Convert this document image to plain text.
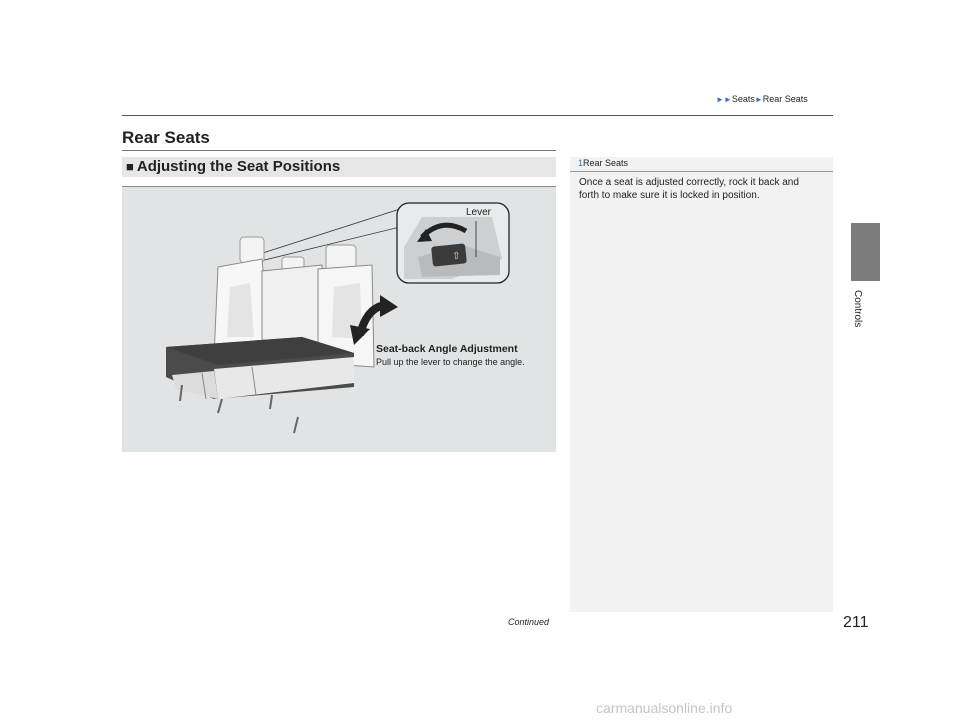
►►Seats►Rear Seats
Rear Seats
■ Adjusting the Seat Positions	1Rear Seats
Once a seat is adjusted correctly, rock it back and forth to make sure it is locked in position.
⇧
Lever
Seat-back Angle Adjustment
Pull up the lever to change the angle.
Controls
Continued	211
carmanualsonline.info
